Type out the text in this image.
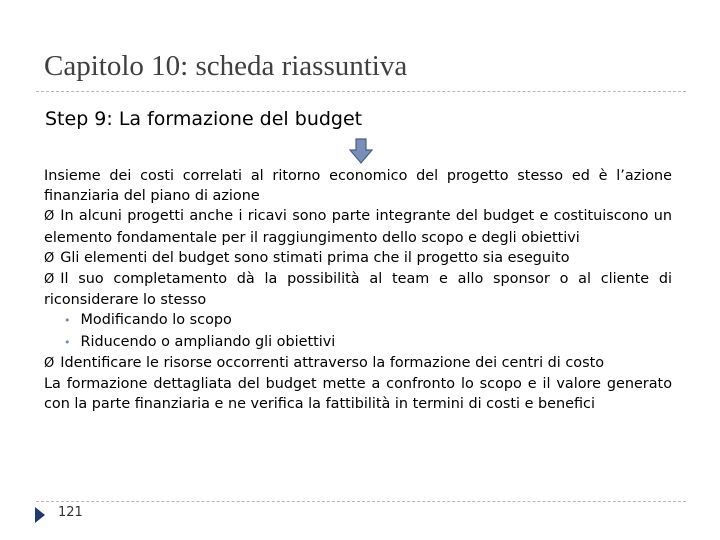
Capitolo 10: scheda riassuntiva
Step 9: La formazione del budget

Insieme dei costi correlati al ritorno economico del progetto stesso ed è l’azione finanziaria del piano di azione

Ø In alcuni progetti anche i ricavi sono parte integrante del budget e costituiscono un elemento fondamentale per il raggiungimento dello scopo e degli obiettivi

Ø Gli elementi del budget sono stimati prima che il progetto sia eseguito

Ø Il suo completamento dà la possibilità al team e allo sponsor o al cliente di riconsiderare lo stesso

• Modificando lo scopo

• Riducendo o ampliando gli obiettivi

Ø Identificare le risorse occorrenti attraverso la formazione dei centri di costo

La formazione dettagliata del budget mette a confronto lo scopo e il valore generato con la parte finanziaria e ne verifica la fattibilità in termini di costi e benefici

121
